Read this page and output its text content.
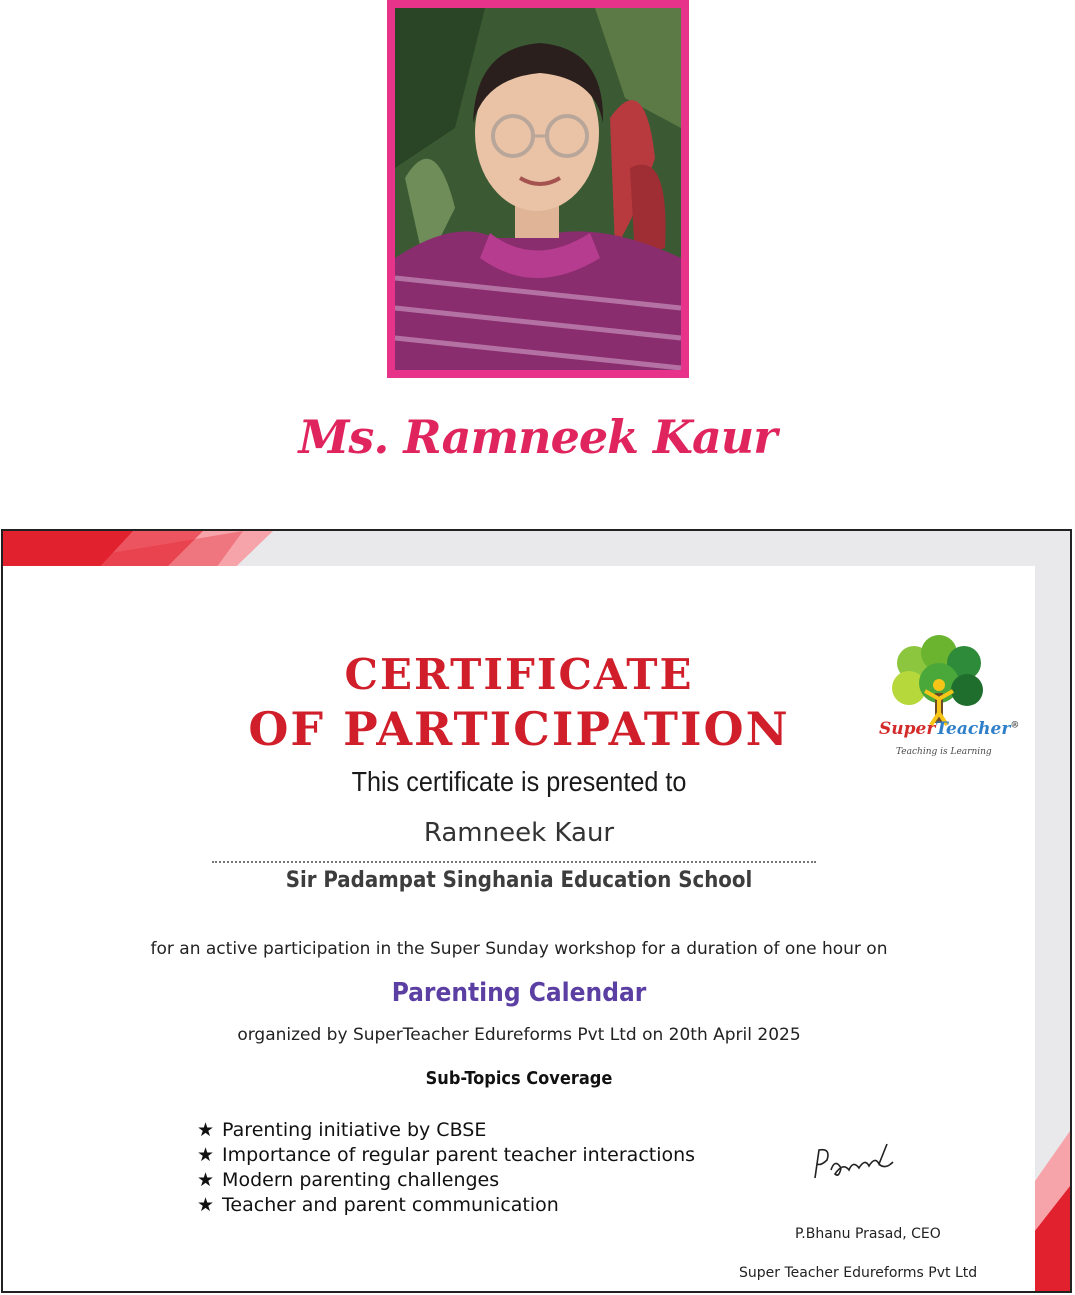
Ms. Ramneek Kaur
CERTIFICATE
OF PARTICIPATION
This certificate is presented to
Ramneek Kaur
Sir Padampat Singhania Education School
for an active participation in the Super Sunday workshop for a duration of one hour on
Parenting Calendar
organized by SuperTeacher Edureforms Pvt Ltd on 20th April 2025
Sub-Topics Coverage
★ Parenting initiative by CBSE
★ Importance of regular parent teacher interactions
★ Modern parenting challenges
★ Teacher and parent communication
P.Bhanu Prasad, CEO
Super Teacher Edureforms Pvt Ltd
SuperTeacher®
Teaching is Learning
